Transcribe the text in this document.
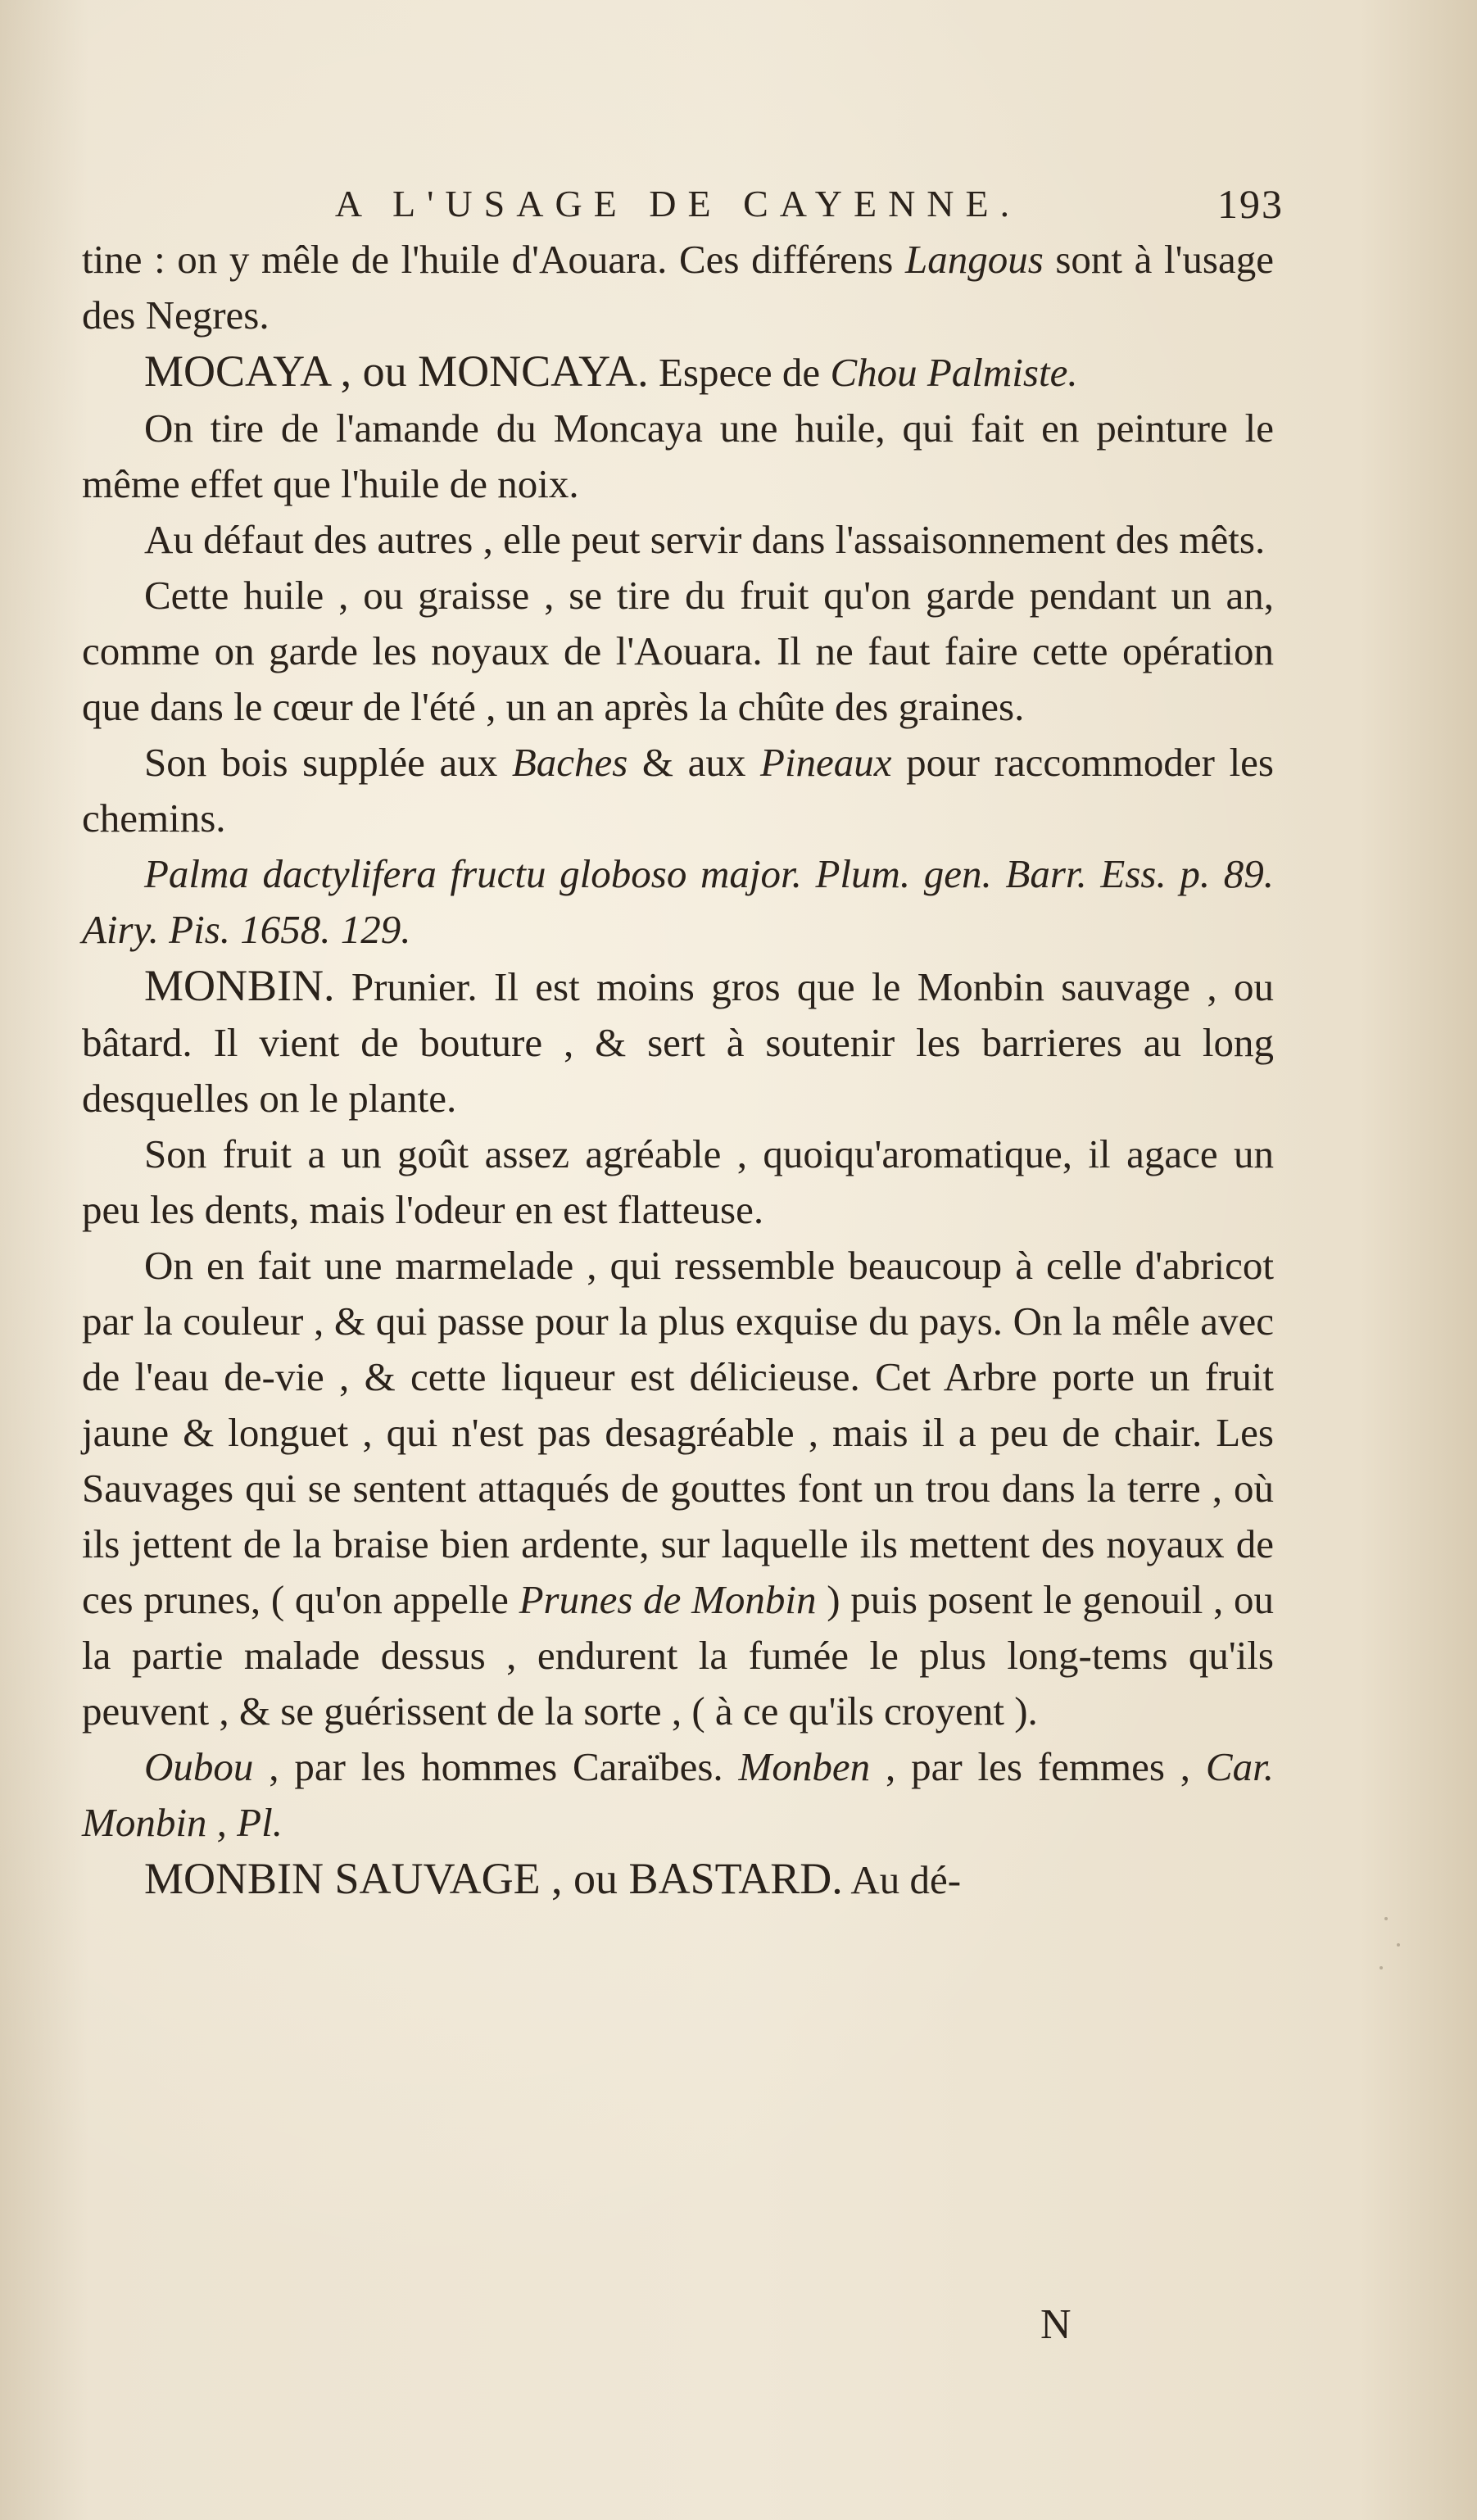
A L'USAGE DE CAYENNE.	193

tine : on y mêle de l'huile d'Aouara. Ces différens Langous sont à l'usage des Negres.

MOCAYA , ou MONCAYA. Espece de Chou Palmiste.

On tire de l'amande du Moncaya une huile, qui fait en peinture le même effet que l'huile de noix.

Au défaut des autres , elle peut servir dans l'assaisonnement des mêts.

Cette huile , ou graisse , se tire du fruit qu'on garde pendant un an, comme on garde les noyaux de l'Aouara. Il ne faut faire cette opération que dans le cœur de l'été , un an après la chûte des graines.

Son bois supplée aux Baches & aux Pineaux pour raccommoder les chemins.

Palma dactylifera fructu globoso major. Plum. gen. Barr. Ess. p. 89. Airy. Pis. 1658. 129.

MONBIN. Prunier. Il est moins gros que le Monbin sauvage , ou bâtard. Il vient de bouture , & sert à soutenir les barrieres au long desquelles on le plante.

Son fruit a un goût assez agréable , quoiqu'aromatique, il agace un peu les dents, mais l'odeur en est flatteuse.

On en fait une marmelade , qui ressemble beaucoup à celle d'abricot par la couleur , & qui passe pour la plus exquise du pays. On la mêle avec de l'eau de-vie , & cette liqueur est délicieuse. Cet Arbre porte un fruit jaune & longuet , qui n'est pas desagréable , mais il a peu de chair. Les Sauvages qui se sentent attaqués de gouttes font un trou dans la terre , où ils jettent de la braise bien ardente, sur laquelle ils mettent des noyaux de ces prunes, ( qu'on appelle Prunes de Monbin ) puis posent le genouil , ou la partie malade dessus , endurent la fumée le plus long-tems qu'ils peuvent , & se guérissent de la sorte , ( à ce qu'ils croyent ).

Oubou , par les hommes Caraïbes. Monben , par les femmes , Car. Monbin , Pl.

MONBIN SAUVAGE , ou BASTARD. Au dé-

N
